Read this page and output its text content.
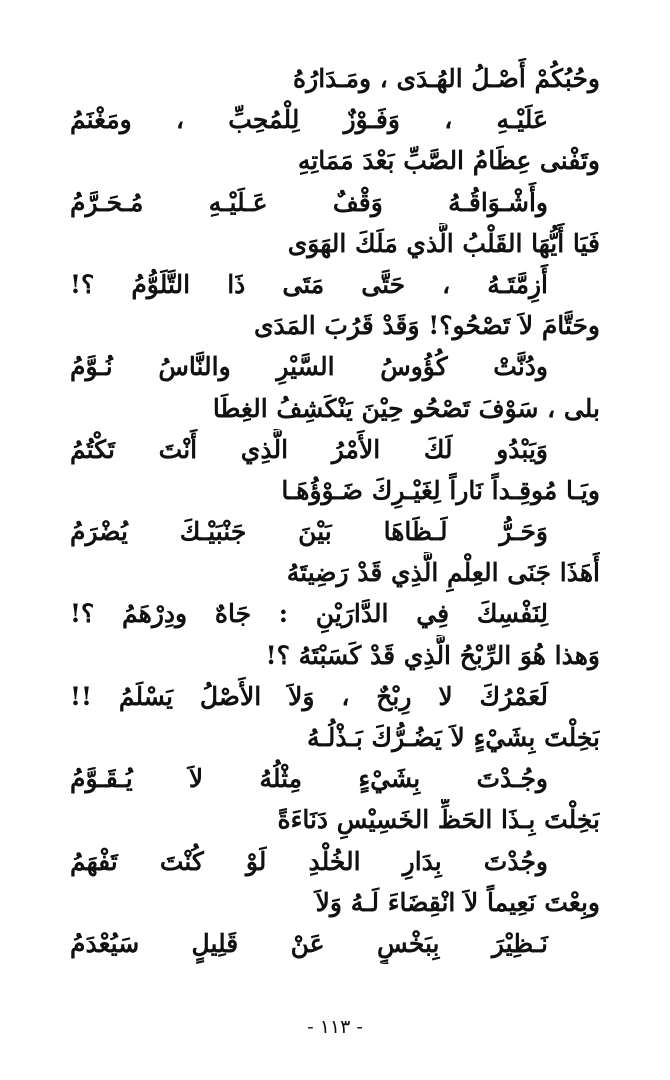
وحُبُكُمْ أَصْـلُ الهُـدَى ، ومَـدَارُهُ
عَلَيْـهِ ، وَفَـوْزٌ لِلْمُحِبِّ ، ومَغْنَمُ
وتَفْنى عِظَامُ الصَّبِّ بَعْدَ مَمَاتِهِ
وأَشْـوَاقُـهُ وَقْفٌ عَـلَيْـهِ مُـحَـرَّمُ
فَيَا أَيُّهَا القَلْبُ الَّذي مَلَكَ الهَوَى
أَزِمَّتَـهُ ، حَتَّى مَتَى ذَا التَّلَوُّمُ ؟!
وحَتَّامَ لاَ تَصْحُو؟! وَقَدْ قَرُبَ المَدَى
ودُنَّتْ كُؤُوسُ السَّيْرِ والنَّاسُ نُـوَّمُ
بلى ، سَوْفَ تَصْحُو حِيْنَ يَنْكَشِفُ الغِطَا
وَيَبْدُو لَكَ الأَمْرُ الَّذِي أَنْتَ تَكْتُمُ
ويَـا مُوقِـداً نَاراً لِغَيْـرِكَ ضَـوْؤُهَـا
وَحَـرُّ لَـظَاهَا بَيْنَ جَنْبَيْـكَ يُضْرَمُ
أَهَذَا جَنَى العِلْمِ الَّذِي قَدْ رَضِيتَهُ
لِنَفْسِكَ فِي الدَّارَيْنِ : جَاهٌ ودِرْهَمُ ؟!
وَهذا هُوَ الرِّبْحُ الَّذِي قَدْ كَسَبْتَهُ ؟!
لَعَمْرُكَ لا رِبْحٌ ، وَلاَ الأَصْلُ يَسْلَمُ !!
بَخِلْتَ بِشَيْءٍ لاَ يَضُـرُّكَ بَـذْلُـهُ
وجُـدْتَ بِشَيْءٍ مِثْلُهُ لاَ يُـقَـوَّمُ
بَخِلْتَ بِـذَا الحَظِّ الخَسِيْسِ دَنَاءَةً
وجُدْتَ بِدَارِ الخُلْدِ لَوْ كُنْتَ تَفْهَمُ
وبِعْتَ نَعِيماً لاَ انْقِضَاءَ لَـهُ وَلاَ
نَـظِيْرَ بِبَخْسٍ عَنْ قَلِيلٍ سَيُعْدَمُ
- ١١٣ -
